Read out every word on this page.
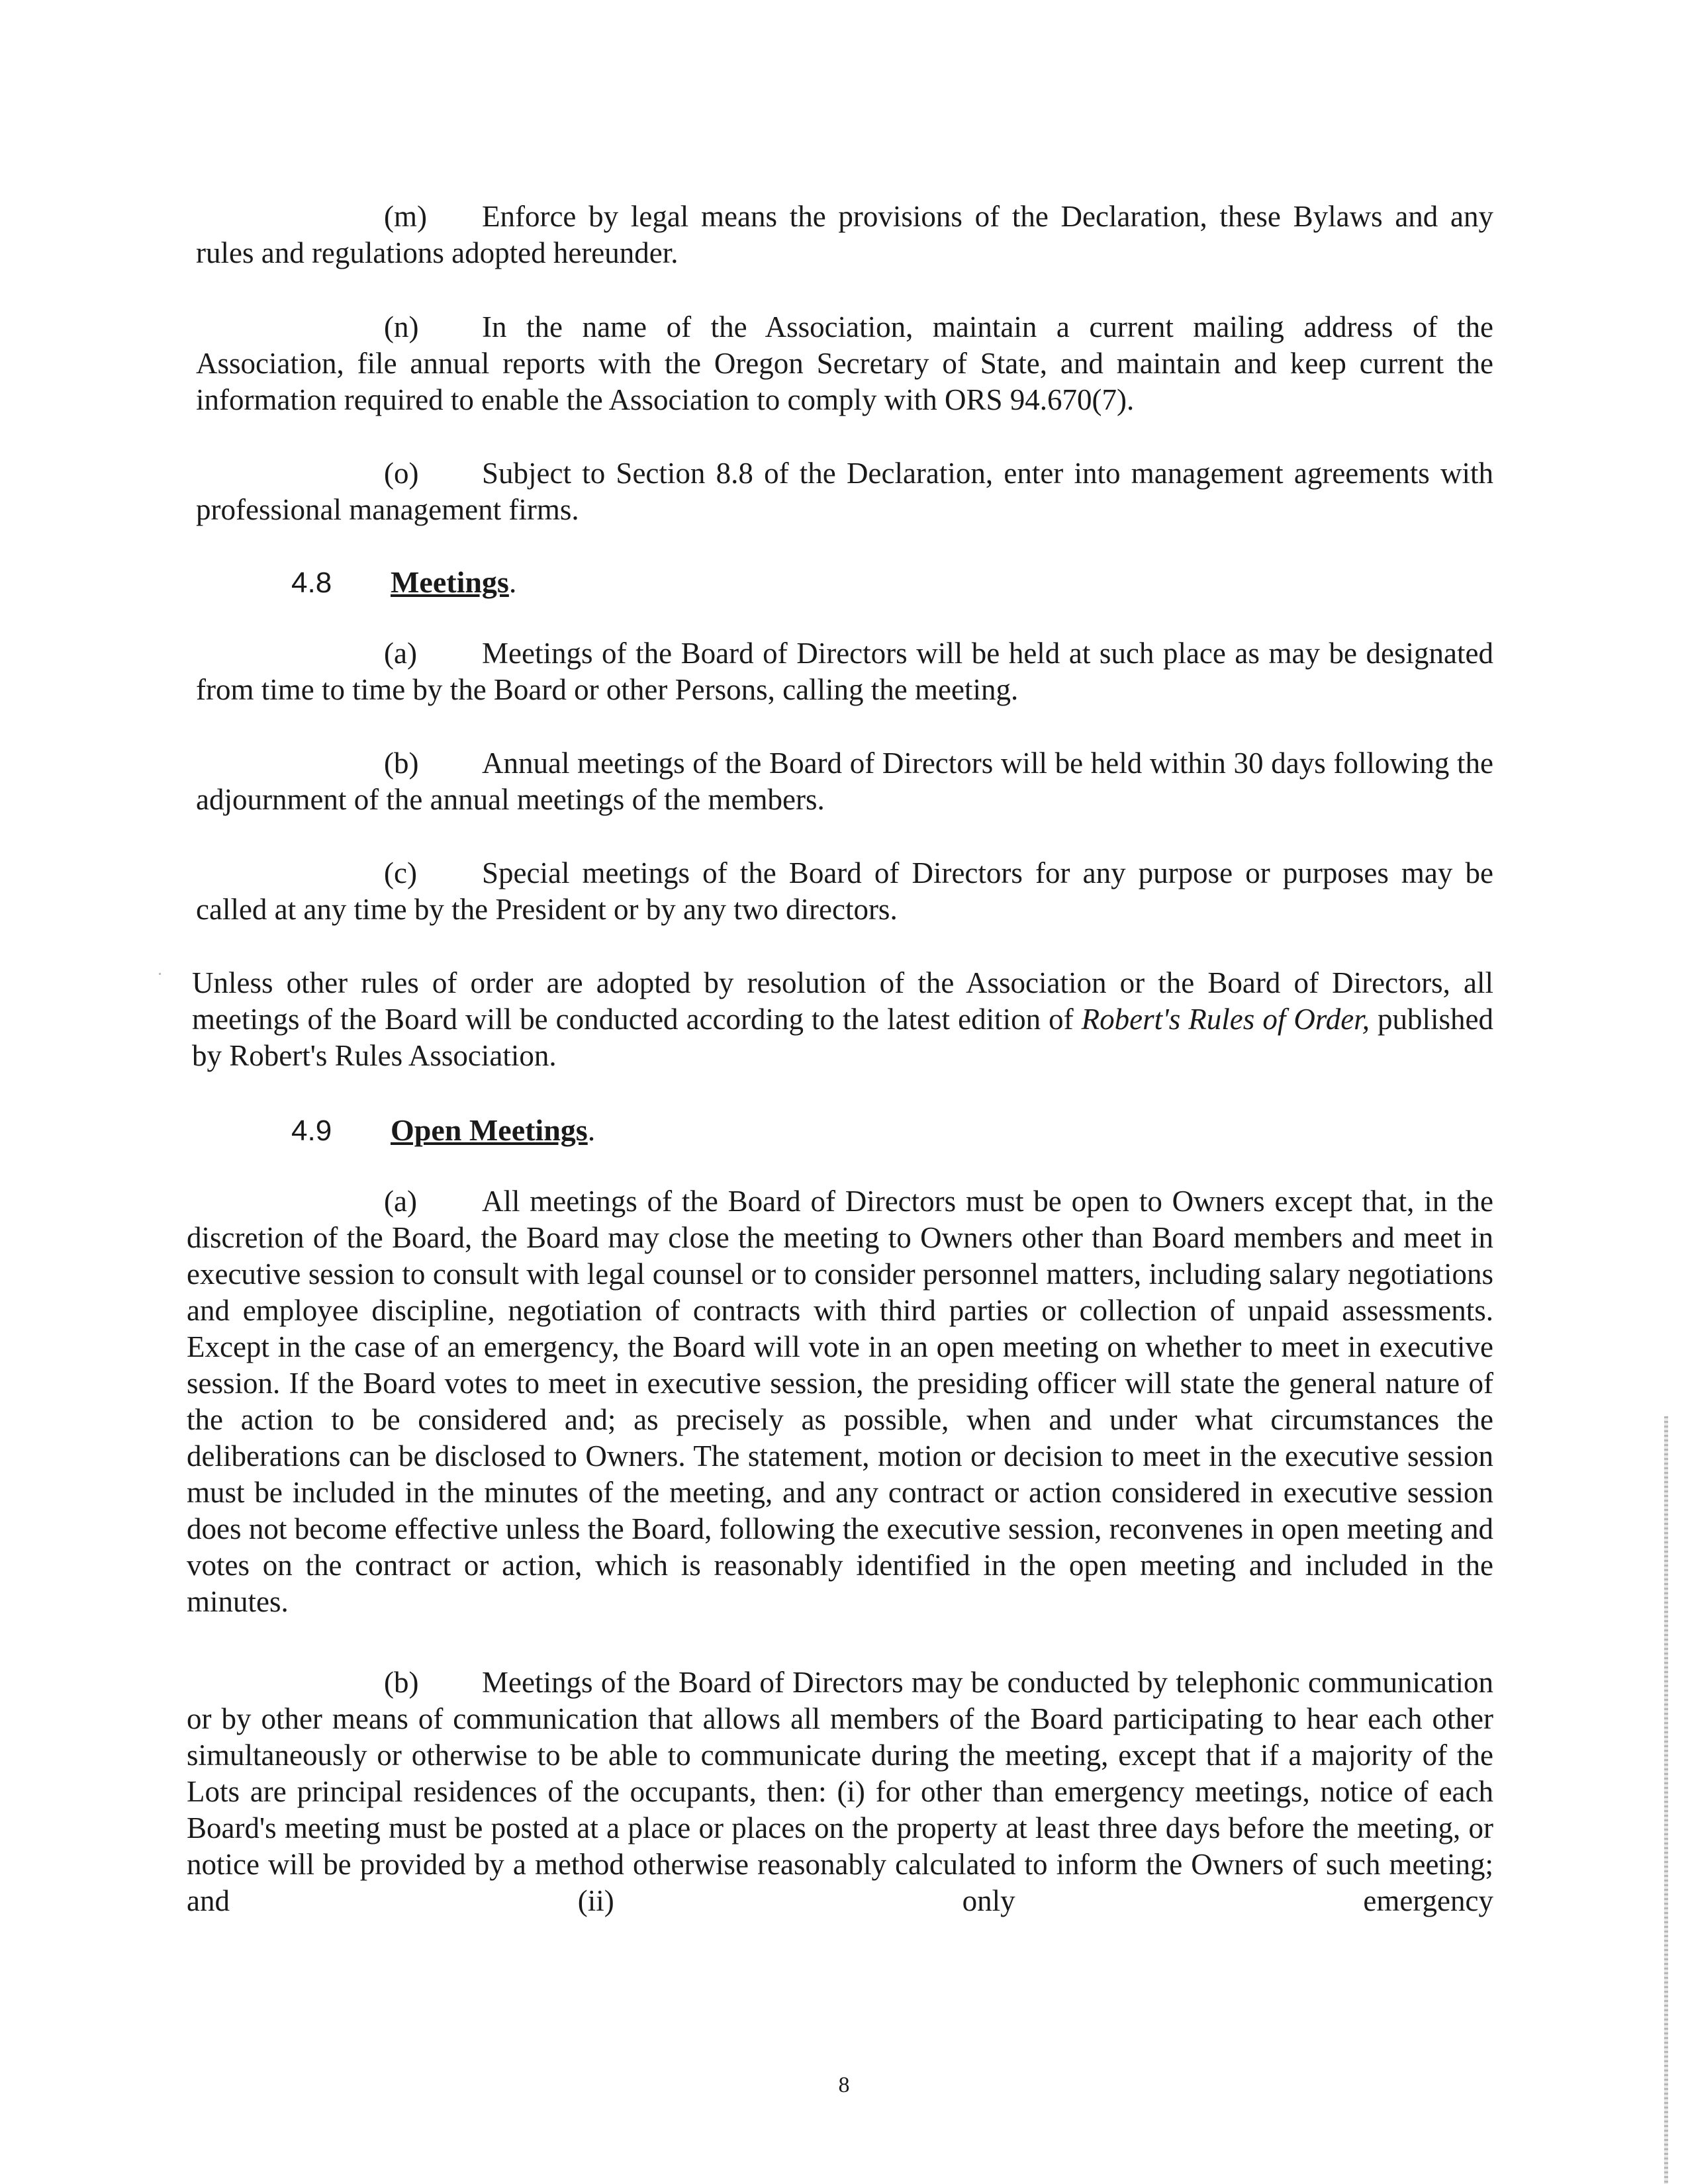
(m) Enforce by legal means the provisions of the Declaration, these Bylaws and any rules and regulations adopted hereunder.
(n) In the name of the Association, maintain a current mailing address of the Association, file annual reports with the Oregon Secretary of State, and maintain and keep current the information required to enable the Association to comply with ORS 94.670(7).
(o) Subject to Section 8.8 of the Declaration, enter into management agreements with professional management firms.
4.8 Meetings.
(a) Meetings of the Board of Directors will be held at such place as may be designated from time to time by the Board or other Persons, calling the meeting.
(b) Annual meetings of the Board of Directors will be held within 30 days following the adjournment of the annual meetings of the members.
(c) Special meetings of the Board of Directors for any purpose or purposes may be called at any time by the President or by any two directors.
Unless other rules of order are adopted by resolution of the Association or the Board of Directors, all meetings of the Board will be conducted according to the latest edition of Robert's Rules of Order, published by Robert's Rules Association.
4.9 Open Meetings.
(a) All meetings of the Board of Directors must be open to Owners except that, in the discretion of the Board, the Board may close the meeting to Owners other than Board members and meet in executive session to consult with legal counsel or to consider personnel matters, including salary negotiations and employee discipline, negotiation of contracts with third parties or collection of unpaid assessments. Except in the case of an emergency, the Board will vote in an open meeting on whether to meet in executive session. If the Board votes to meet in executive session, the presiding officer will state the general nature of the action to be considered and; as precisely as possible, when and under what circumstances the deliberations can be disclosed to Owners. The statement, motion or decision to meet in the executive session must be included in the minutes of the meeting, and any contract or action considered in executive session does not become effective unless the Board, following the executive session, reconvenes in open meeting and votes on the contract or action, which is reasonably identified in the open meeting and included in the minutes.
(b) Meetings of the Board of Directors may be conducted by telephonic communication or by other means of communication that allows all members of the Board participating to hear each other simultaneously or otherwise to be able to communicate during the meeting, except that if a majority of the Lots are principal residences of the occupants, then: (i) for other than emergency meetings, notice of each Board's meeting must be posted at a place or places on the property at least three days before the meeting, or notice will be provided by a method otherwise reasonably calculated to inform the Owners of such meeting; and (ii) only emergency
8
